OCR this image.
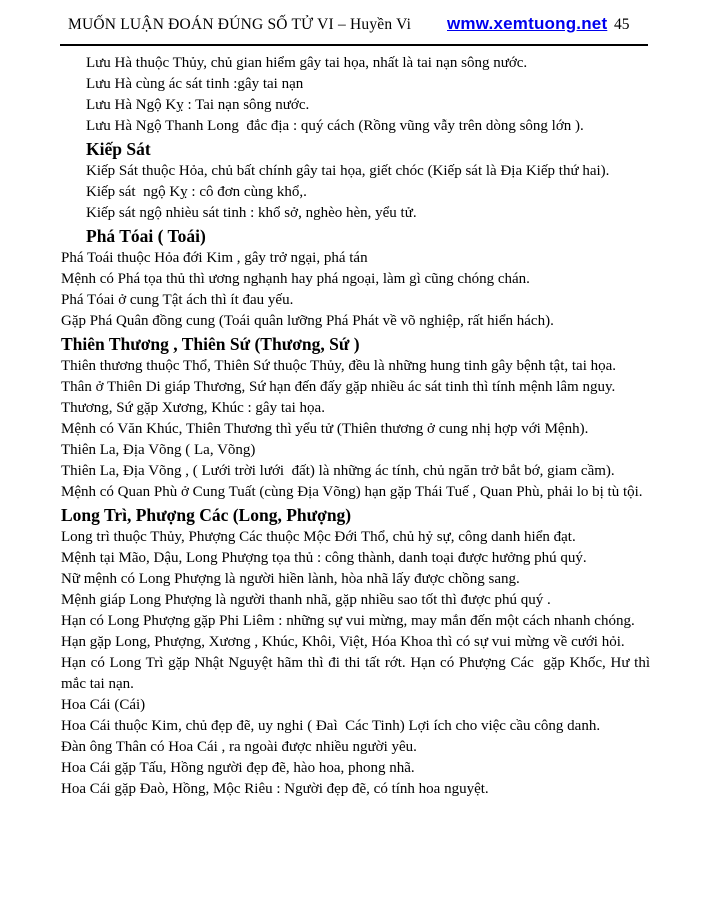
MUỐN LUẬN ĐOÁN ĐÚNG SỐ TỬ VI – Huyền Vi wmw.xemtuong.net 45
Lưu Hà thuộc Thủy, chủ gian hiểm gây tai họa, nhất là tai nạn sông nước.
Lưu Hà cùng ác sát tinh :gây tai nạn
Lưu Hà Ngộ Kỵ : Tai nạn sông nước.
Lưu Hà Ngộ Thanh Long  đắc địa : quý cách (Rồng vũng vẫy trên dòng sông lớn ).
Kiếp Sát
Kiếp Sát thuộc Hỏa, chủ bất chính gây tai họa, giết chóc (Kiếp sát là Địa Kiếp thứ hai).
Kiếp sát  ngộ Kỵ : cô đơn cùng khổ,.
Kiếp sát ngộ nhièu sát tinh : khổ sở, nghèo hèn, yểu tử.
Phá Tóai ( Toái)
Phá Toái thuộc Hỏa đới Kim , gây trở ngại, phá tán
Mệnh có Phá tọa thủ thì ương nghạnh hay phá ngoại, làm gì cũng chóng chán.
Phá Tóai ở cung Tật ách thì ít đau yếu.
Gặp Phá Quân đồng cung (Toái quân lưỡng Phá Phát về võ nghiệp, rất hiển hách).
Thiên Thương , Thiên Sứ (Thương, Sứ )
Thiên thương thuộc Thổ, Thiên Sứ thuộc Thủy, đều là những hung tinh gây bệnh tật, tai họa.
Thân ở Thiên Di giáp Thương, Sứ hạn đến đấy gặp nhiều ác sát tinh thì tính mệnh lâm nguy.
Thương, Sứ gặp Xương, Khúc : gây tai họa.
Mệnh có Văn Khúc, Thiên Thương thì yểu tử (Thiên thương ở cung nhị hợp với Mệnh).
Thiên La, Địa Võng ( La, Võng)
Thiên La, Địa Võng , ( Lưới trời lưới  đất) là những ác tính, chủ ngăn trở bắt bớ, giam cầm).
Mệnh có Quan Phù ở Cung Tuất (cùng Địa Võng) hạn gặp Thái Tuế , Quan Phù, phải lo bị tù tội.
Long Trì, Phượng Các (Long, Phượng)
Long trì thuộc Thủy, Phượng Các thuộc Mộc Đới Thổ, chủ hỷ sự, công danh hiển đạt.
Mệnh tại Mão, Dậu, Long Phượng tọa thủ : công thành, danh toại được hưởng phú quý.
Nữ mệnh có Long Phượng là người hiền lành, hòa nhã lấy được chồng sang.
Mệnh giáp Long Phượng là người thanh nhã, gặp nhiều sao tốt thì được phú quý .
Hạn có Long Phượng gặp Phi Liêm : những sự vui mừng, may mắn đến một cách nhanh chóng.
Hạn gặp Long, Phượng, Xương , Khúc, Khôi, Việt, Hóa Khoa thì có sự vui mừng về cưới hỏi.
Hạn có Long Trì gặp Nhật Nguyệt hãm thì đi thi tất rớt. Hạn có Phượng Các  gặp Khốc, Hư thì mắc tai nạn.
Hoa Cái (Cái)
Hoa Cái thuộc Kim, chủ đẹp đẽ, uy nghi ( Đaì  Các Tinh) Lợi ích cho việc cầu công danh.
Đàn ông Thân có Hoa Cái , ra ngoài được nhiều người yêu.
Hoa Cái gặp Tấu, Hồng người đẹp đẽ, hào hoa, phong nhã.
Hoa Cái gặp Đaò, Hồng, Mộc Riêu : Người đẹp đẽ, có tính hoa nguyệt.
